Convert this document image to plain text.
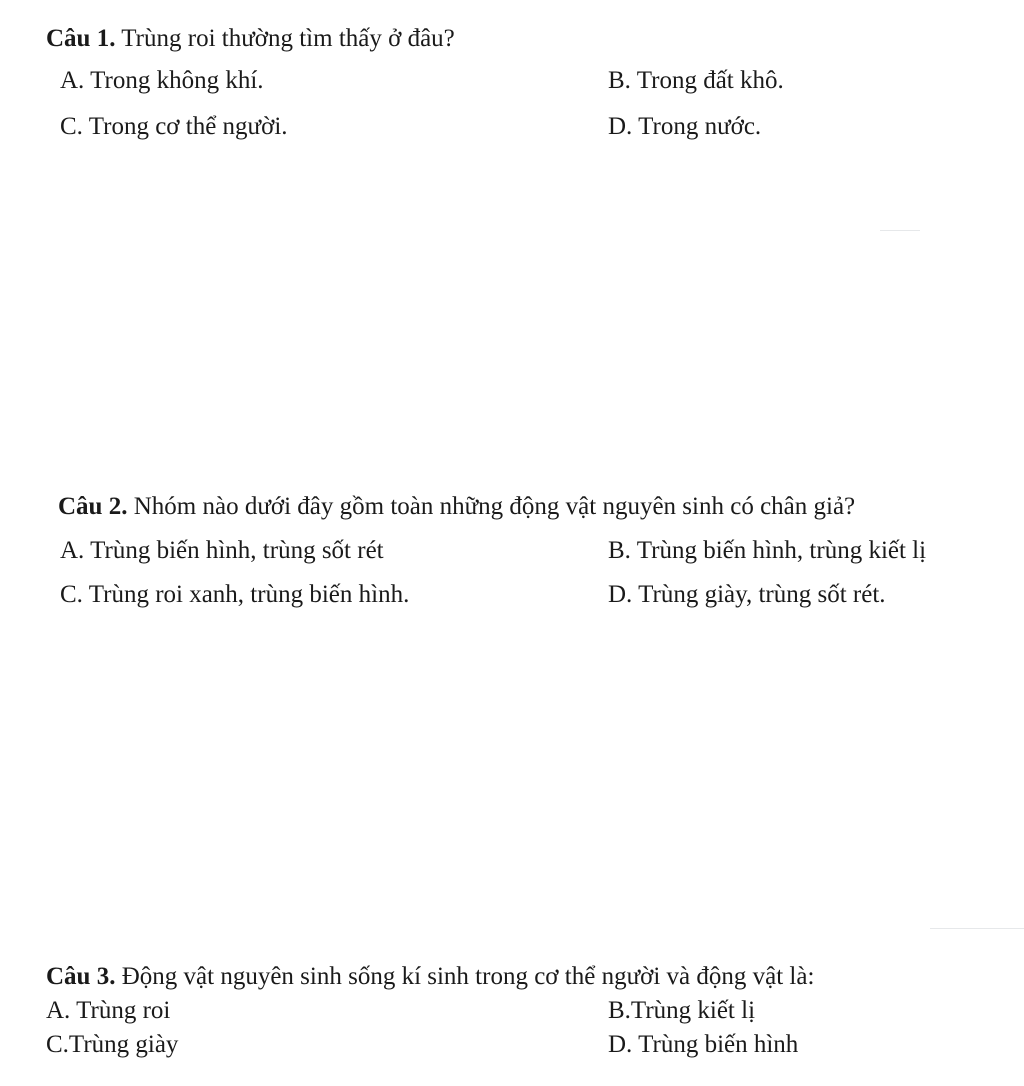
Câu 1. Trùng roi thường tìm thấy ở đâu?
A. Trong không khí.	B. Trong đất khô.
C. Trong cơ thể người.	D. Trong nước.
Câu 2. Nhóm nào dưới đây gồm toàn những động vật nguyên sinh có chân giả?
A. Trùng biến hình, trùng sốt rét	B. Trùng biến hình, trùng kiết lị
C. Trùng roi xanh, trùng biến hình.	D. Trùng giày, trùng sốt rét.
Câu 3. Động vật nguyên sinh sống kí sinh trong cơ thể người và động vật là:
A. Trùng roi	B.Trùng kiết lị
C.Trùng giày	D. Trùng biến hình
